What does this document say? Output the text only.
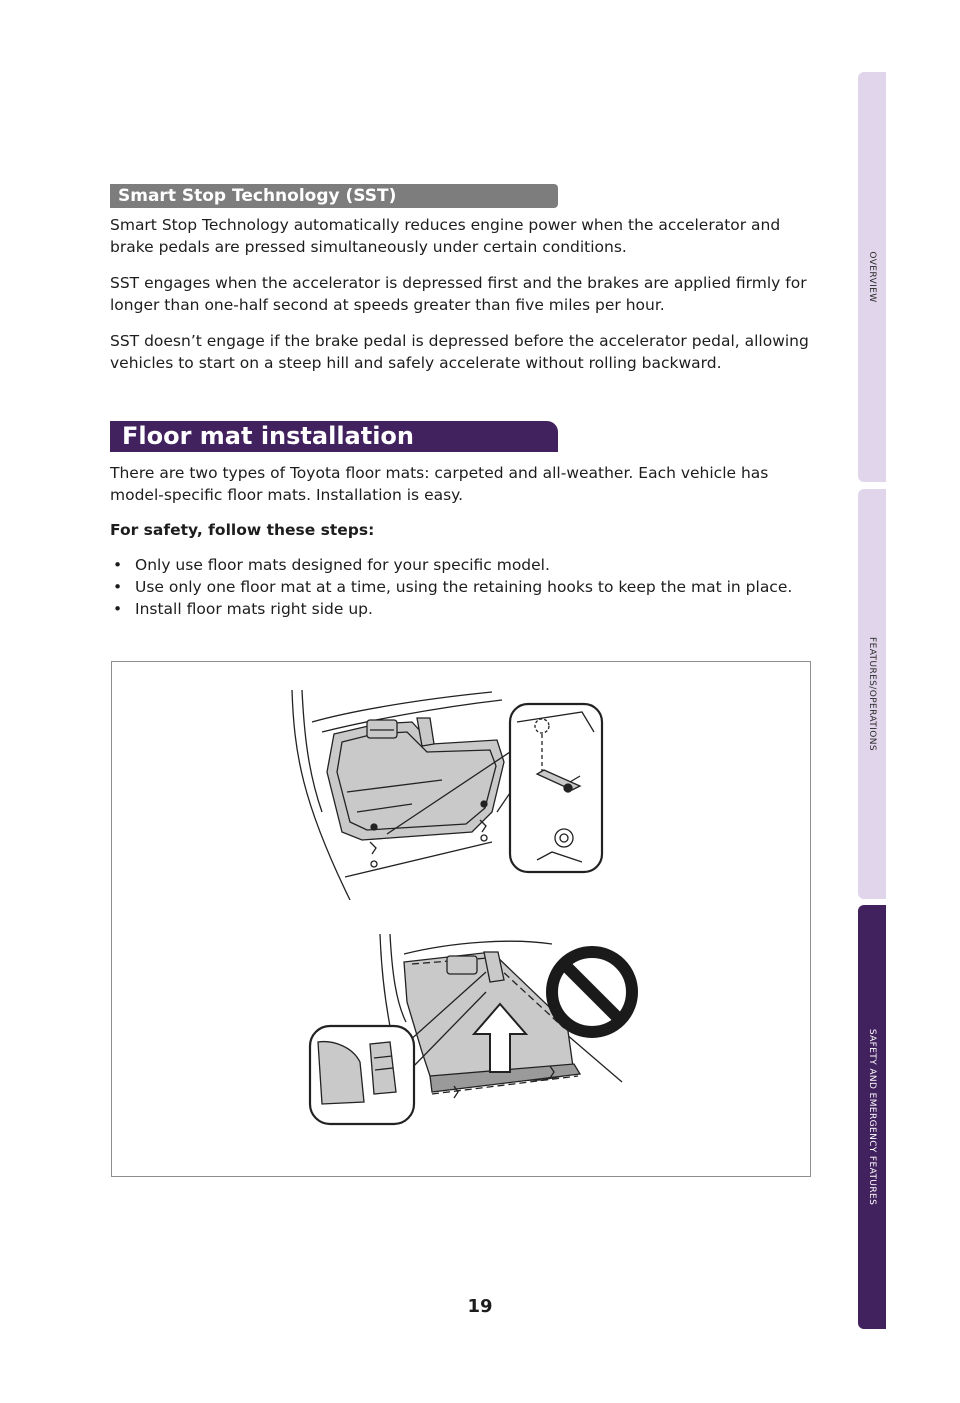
Smart Stop Technology (SST)

Smart Stop Technology automatically reduces engine power when the accelerator and brake pedals are pressed simultaneously under certain conditions.

SST engages when the accelerator is depressed first and the brakes are applied firmly for longer than one-half second at speeds greater than five miles per hour.

SST doesn’t engage if the brake pedal is depressed before the accelerator pedal, allowing vehicles to start on a steep hill and safely accelerate without rolling backward.

Floor mat installation

There are two types of Toyota floor mats: carpeted and all-weather. Each vehicle has model-specific floor mats. Installation is easy.

For safety, follow these steps:

• Only use floor mats designed for your specific model.
• Use only one floor mat at a time, using the retaining hooks to keep the mat in place.
• Install floor mats right side up.
OVERVIEW
FEATURES/OPERATIONS
SAFETY AND EMERGENCY FEATURES
19
